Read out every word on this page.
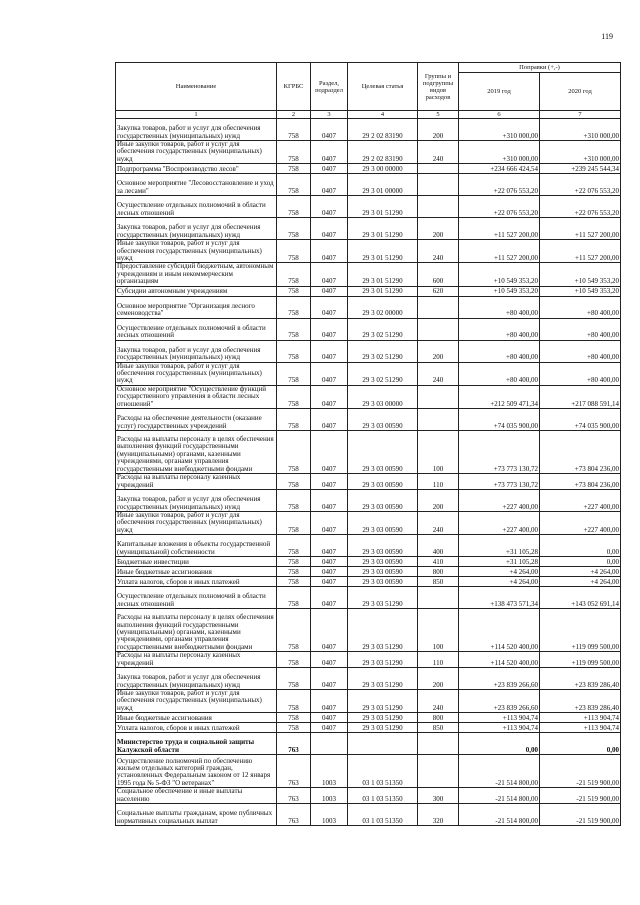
119
Наименование	КГРБС	Раздел, подраздел	Целевая статья	Группы и подгруппы видов расходов	Поправки (+,-)	
					2019 год	2020 год
1	2	3	4	5	6	7
Закупка товаров, работ и услуг для обеспечения государственных (муниципальных) нужд	758	0407	29 2 02 83190	200	+310 000,00	+310 000,00
Иные закупки товаров, работ и услуг для обеспечения государственных (муниципальных) нужд	758	0407	29 2 02 83190	240	+310 000,00	+310 000,00
Подпрограмма "Воспроизводство лесов"	758	0407	29 3 00 00000		+234 666 424,54	+239 245 544,34
Основное мероприятие "Лесовосстановление и уход за лесами"	758	0407	29 3 01 00000		+22 076 553,20	+22 076 553,20
Осуществление отдельных полномочий в области лесных отношений	758	0407	29 3 01 51290		+22 076 553,20	+22 076 553,20
Закупка товаров, работ и услуг для обеспечения государственных (муниципальных) нужд	758	0407	29 3 01 51290	200	+11 527 200,00	+11 527 200,00
Иные закупки товаров, работ и услуг для обеспечения государственных (муниципальных) нужд	758	0407	29 3 01 51290	240	+11 527 200,00	+11 527 200,00
Предоставление субсидий бюджетным, автономным учреждениям и иным некоммерческим организациям	758	0407	29 3 01 51290	600	+10 549 353,20	+10 549 353,20
Субсидии автономным учреждениям	758	0407	29 3 01 51290	620	+10 549 353,20	+10 549 353,20
Основное мероприятие "Организация лесного семеноводства"	758	0407	29 3 02 00000		+80 400,00	+80 400,00
Осуществление отдельных полномочий в области лесных отношений	758	0407	29 3 02 51290		+80 400,00	+80 400,00
Закупка товаров, работ и услуг для обеспечения государственных (муниципальных) нужд	758	0407	29 3 02 51290	200	+80 400,00	+80 400,00
Иные закупки товаров, работ и услуг для обеспечения государственных (муниципальных) нужд	758	0407	29 3 02 51290	240	+80 400,00	+80 400,00
Основное мероприятие "Осуществление функций государственного управления в области лесных отношений"	758	0407	29 3 03 00000		+212 509 471,34	+217 088 591,14
Расходы на обеспечение деятельности (оказание услуг) государственных учреждений	758	0407	29 3 03 00590		+74 035 900,00	+74 035 900,00
Расходы на выплаты персоналу в целях обеспечения выполнения функций государственными (муниципальными) органами, казенными учреждениями, органами управления государственными внебюджетными фондами	758	0407	29 3 03 00590	100	+73 773 130,72	+73 804 236,00
Расходы на выплаты персоналу казенных учреждений	758	0407	29 3 03 00590	110	+73 773 130,72	+73 804 236,00
Закупка товаров, работ и услуг для обеспечения государственных (муниципальных) нужд	758	0407	29 3 03 00590	200	+227 400,00	+227 400,00
Иные закупки товаров, работ и услуг для обеспечения государственных (муниципальных) нужд	758	0407	29 3 03 00590	240	+227 400,00	+227 400,00
Капитальные вложения в объекты государственной (муниципальной) собственности	758	0407	29 3 03 00590	400	+31 105,28	0,00
Бюджетные инвестиции	758	0407	29 3 03 00590	410	+31 105,28	0,00
Иные бюджетные ассигнования	758	0407	29 3 03 00590	800	+4 264,00	+4 264,00
Уплата налогов, сборов и иных платежей	758	0407	29 3 03 00590	850	+4 264,00	+4 264,00
Осуществление отдельных полномочий в области лесных отношений	758	0407	29 3 03 51290		+138 473 571,34	+143 052 691,14
Расходы на выплаты персоналу в целях обеспечения выполнения функций государственными (муниципальными) органами, казенными учреждениями, органами управления государственными внебюджетными фондами	758	0407	29 3 03 51290	100	+114 520 400,00	+119 099 500,00
Расходы на выплаты персоналу казенных учреждений	758	0407	29 3 03 51290	110	+114 520 400,00	+119 099 500,00
Закупка товаров, работ и услуг для обеспечения государственных (муниципальных) нужд	758	0407	29 3 03 51290	200	+23 839 266,60	+23 839 286,40
Иные закупки товаров, работ и услуг для обеспечения государственных (муниципальных) нужд	758	0407	29 3 03 51290	240	+23 839 266,60	+23 839 286,40
Иные бюджетные ассигнования	758	0407	29 3 03 51290	800	+113 904,74	+113 904,74
Уплата налогов, сборов и иных платежей	758	0407	29 3 03 51290	850	+113 904,74	+113 904,74
Министерство труда и социальной защиты Калужской области	763				0,00	0,00
Осуществление полномочий по обеспечению жильем отдельных категорий граждан, установленных Федеральным законом от 12 января 1995 года № 5-ФЗ "О ветеранах"	763	1003	03 1 03 51350		-21 514 800,00	-21 519 900,00
Социальное обеспечение и иные выплаты населению	763	1003	03 1 03 51350	300	-21 514 800,00	-21 519 900,00
Социальные выплаты гражданам, кроме публичных нормативных социальных выплат	763	1003	03 1 03 51350	320	-21 514 800,00	-21 519 900,00
